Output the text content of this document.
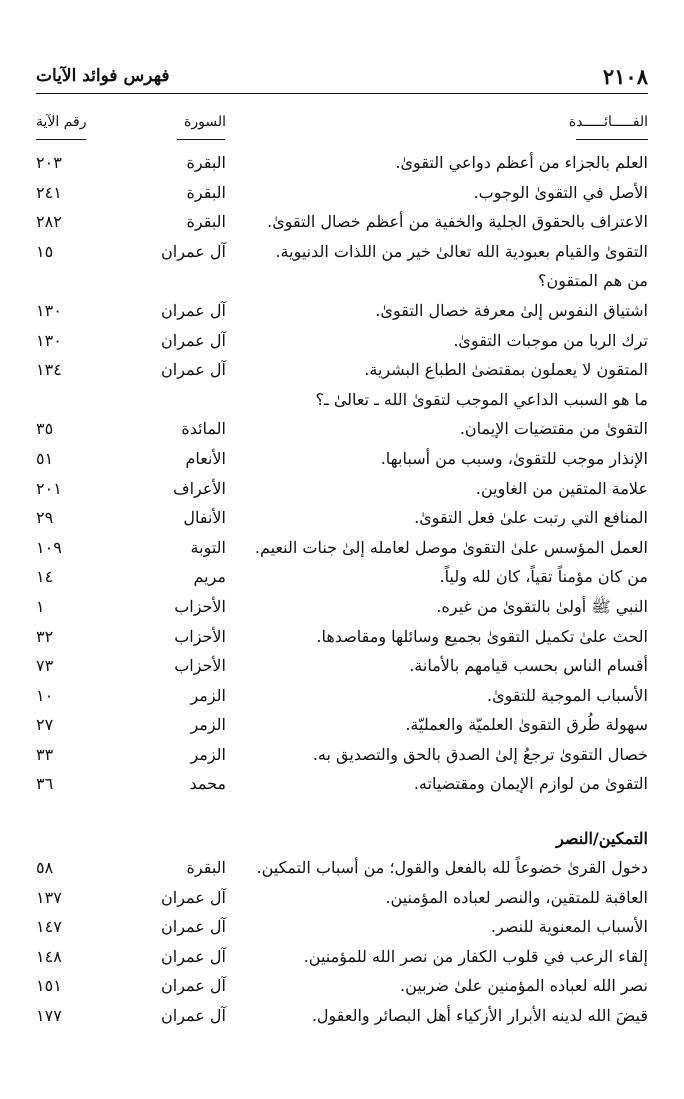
فهرس فوائد الآيات	٢١٠٨
الفـــــائـــــدة
السورة
رقم الآية
العلم بالجزاء من أعظم دواعي التقوىٰ.
البقرة
٢٠٣
الأصل في التقوىٰ الوجوب.
البقرة
٢٤١
الاعتراف بالحقوق الجلية والخفية من أعظم خصال التقوىٰ.
البقرة
٢٨٢
التقوىٰ والقيام بعبودية الله تعالىٰ خير من اللذات الدنيوية.
آل عمران
١٥
من هم المتقون؟
اشتياق النفوس إلىٰ معرفة خصال التقوىٰ.
آل عمران
١٣٠
ترك الربا من موجبات التقوىٰ.
آل عمران
١٣٠
المتقون لا يعملون بمقتضىٰ الطباع البشرية.
آل عمران
١٣٤
ما هو السبب الداعي الموجب لتقوىٰ الله ـ تعالىٰ ـ؟
التقوىٰ من مقتضيات الإيمان.
المائدة
٣٥
الإنذار موجب للتقوىٰ، وسبب من أسبابها.
الأنعام
٥١
علامة المتقين من الغاوين.
الأعراف
٢٠١
المنافع التي رتبت علىٰ فعل التقوىٰ.
الأنفال
٢٩
العمل المؤسس علىٰ التقوىٰ موصل لعامله إلىٰ جنات النعيم.
التوبة
١٠٩
من كان مؤمناً تقياً، كان لله ولياً.
مريم
١٤
النبي ﷺ أولىٰ بالتقوىٰ من غيره.
الأحزاب
١
الحث علىٰ تكميل التقوىٰ بجميع وسائلها ومقاصدها.
الأحزاب
٣٢
أقسام الناس بحسب قيامهم بالأمانة.
الأحزاب
٧٣
الأسباب الموجبة للتقوىٰ.
الزمر
١٠
سهولة طُرق التقوىٰ العلميّة والعمليّة.
الزمر
٢٧
خصال التقوىٰ ترجعُ إلىٰ الصدق بالحق والتصديق به.
الزمر
٣٣
التقوىٰ من لوازم الإيمان ومقتضياته.
محمد
٣٦
التمكين/النصر
دخول القرىٰ خضوعاً لله بالفعل والقول؛ من أسباب التمكين.
البقرة
٥٨
العاقبة للمتقين، والنصر لعباده المؤمنين.
آل عمران
١٣٧
الأسباب المعنوية للنصر.
آل عمران
١٤٧
إلقاء الرعب في قلوب الكفار من نصر الله للمؤمنين.
آل عمران
١٤٨
نصر الله لعباده المؤمنين علىٰ ضربين.
آل عمران
١٥١
قيضَ الله لدينه الأبرار الأزكياء أهل البصائر والعقول.
آل عمران
١٧٧
